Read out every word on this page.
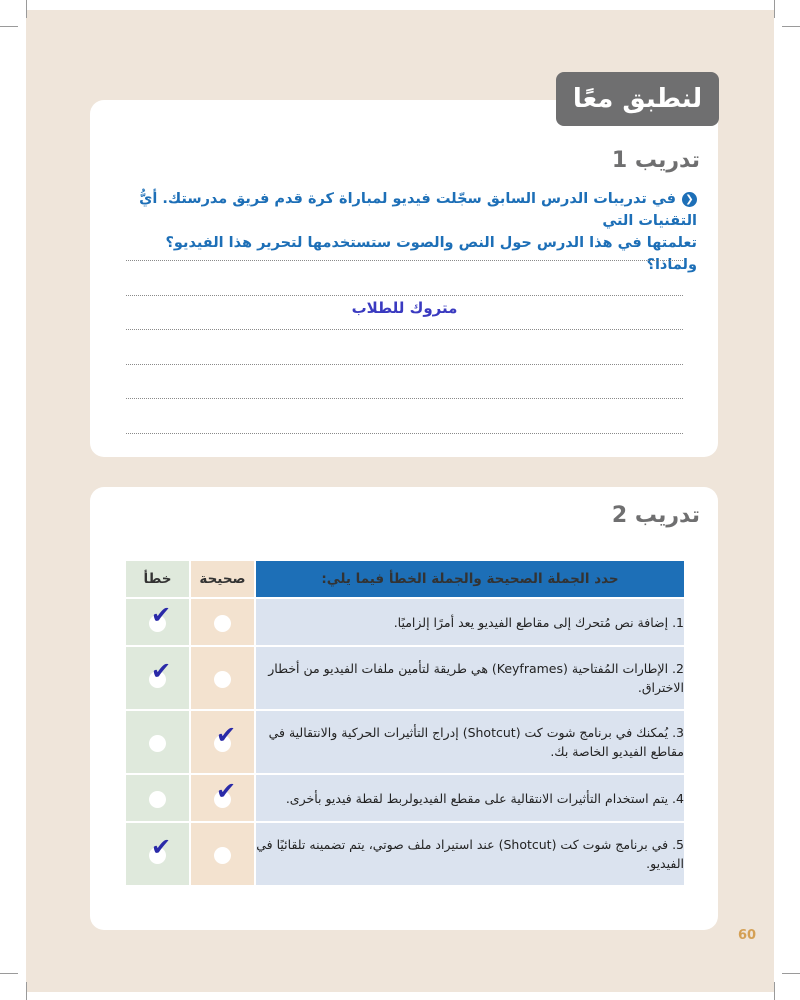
لنطبق معًا
تدريب 1
❮في تدريبات الدرس السابق سجّلت فيديو لمباراة كرة قدم فريق مدرستك. أيُّ التقنيات التي
تعلمتها في هذا الدرس حول النص والصوت ستستخدمها لتحرير هذا الفيديو؟ ولماذا؟
متروك للطلاب
تدريب 2
حدد الجملة الصحيحة والجملة الخطأ فيما يلي:	صحيحة	خطأ
1. إضافة نص مُتحرك إلى مقاطع الفيديو يعد أمرًا إلزاميًا.		✔

2. الإطارات المُفتاحية (Keyframes) هي طريقة لتأمين ملفات الفيديو من أخطار الاختراق.		✔

3. يُمكنك في برنامج شوت كت (Shotcut) إدراج التأثيرات الحركية والانتقالية في مقاطع الفيديو الخاصة بك.	✔	

4. يتم استخدام التأثيرات الانتقالية على مقطع الفيديولربط لقطة فيديو بأخرى.	✔	

5. في برنامج شوت كت (Shotcut) عند استيراد ملف صوتي، يتم تضمينه تلقائيًا في الفيديو.		✔
60
